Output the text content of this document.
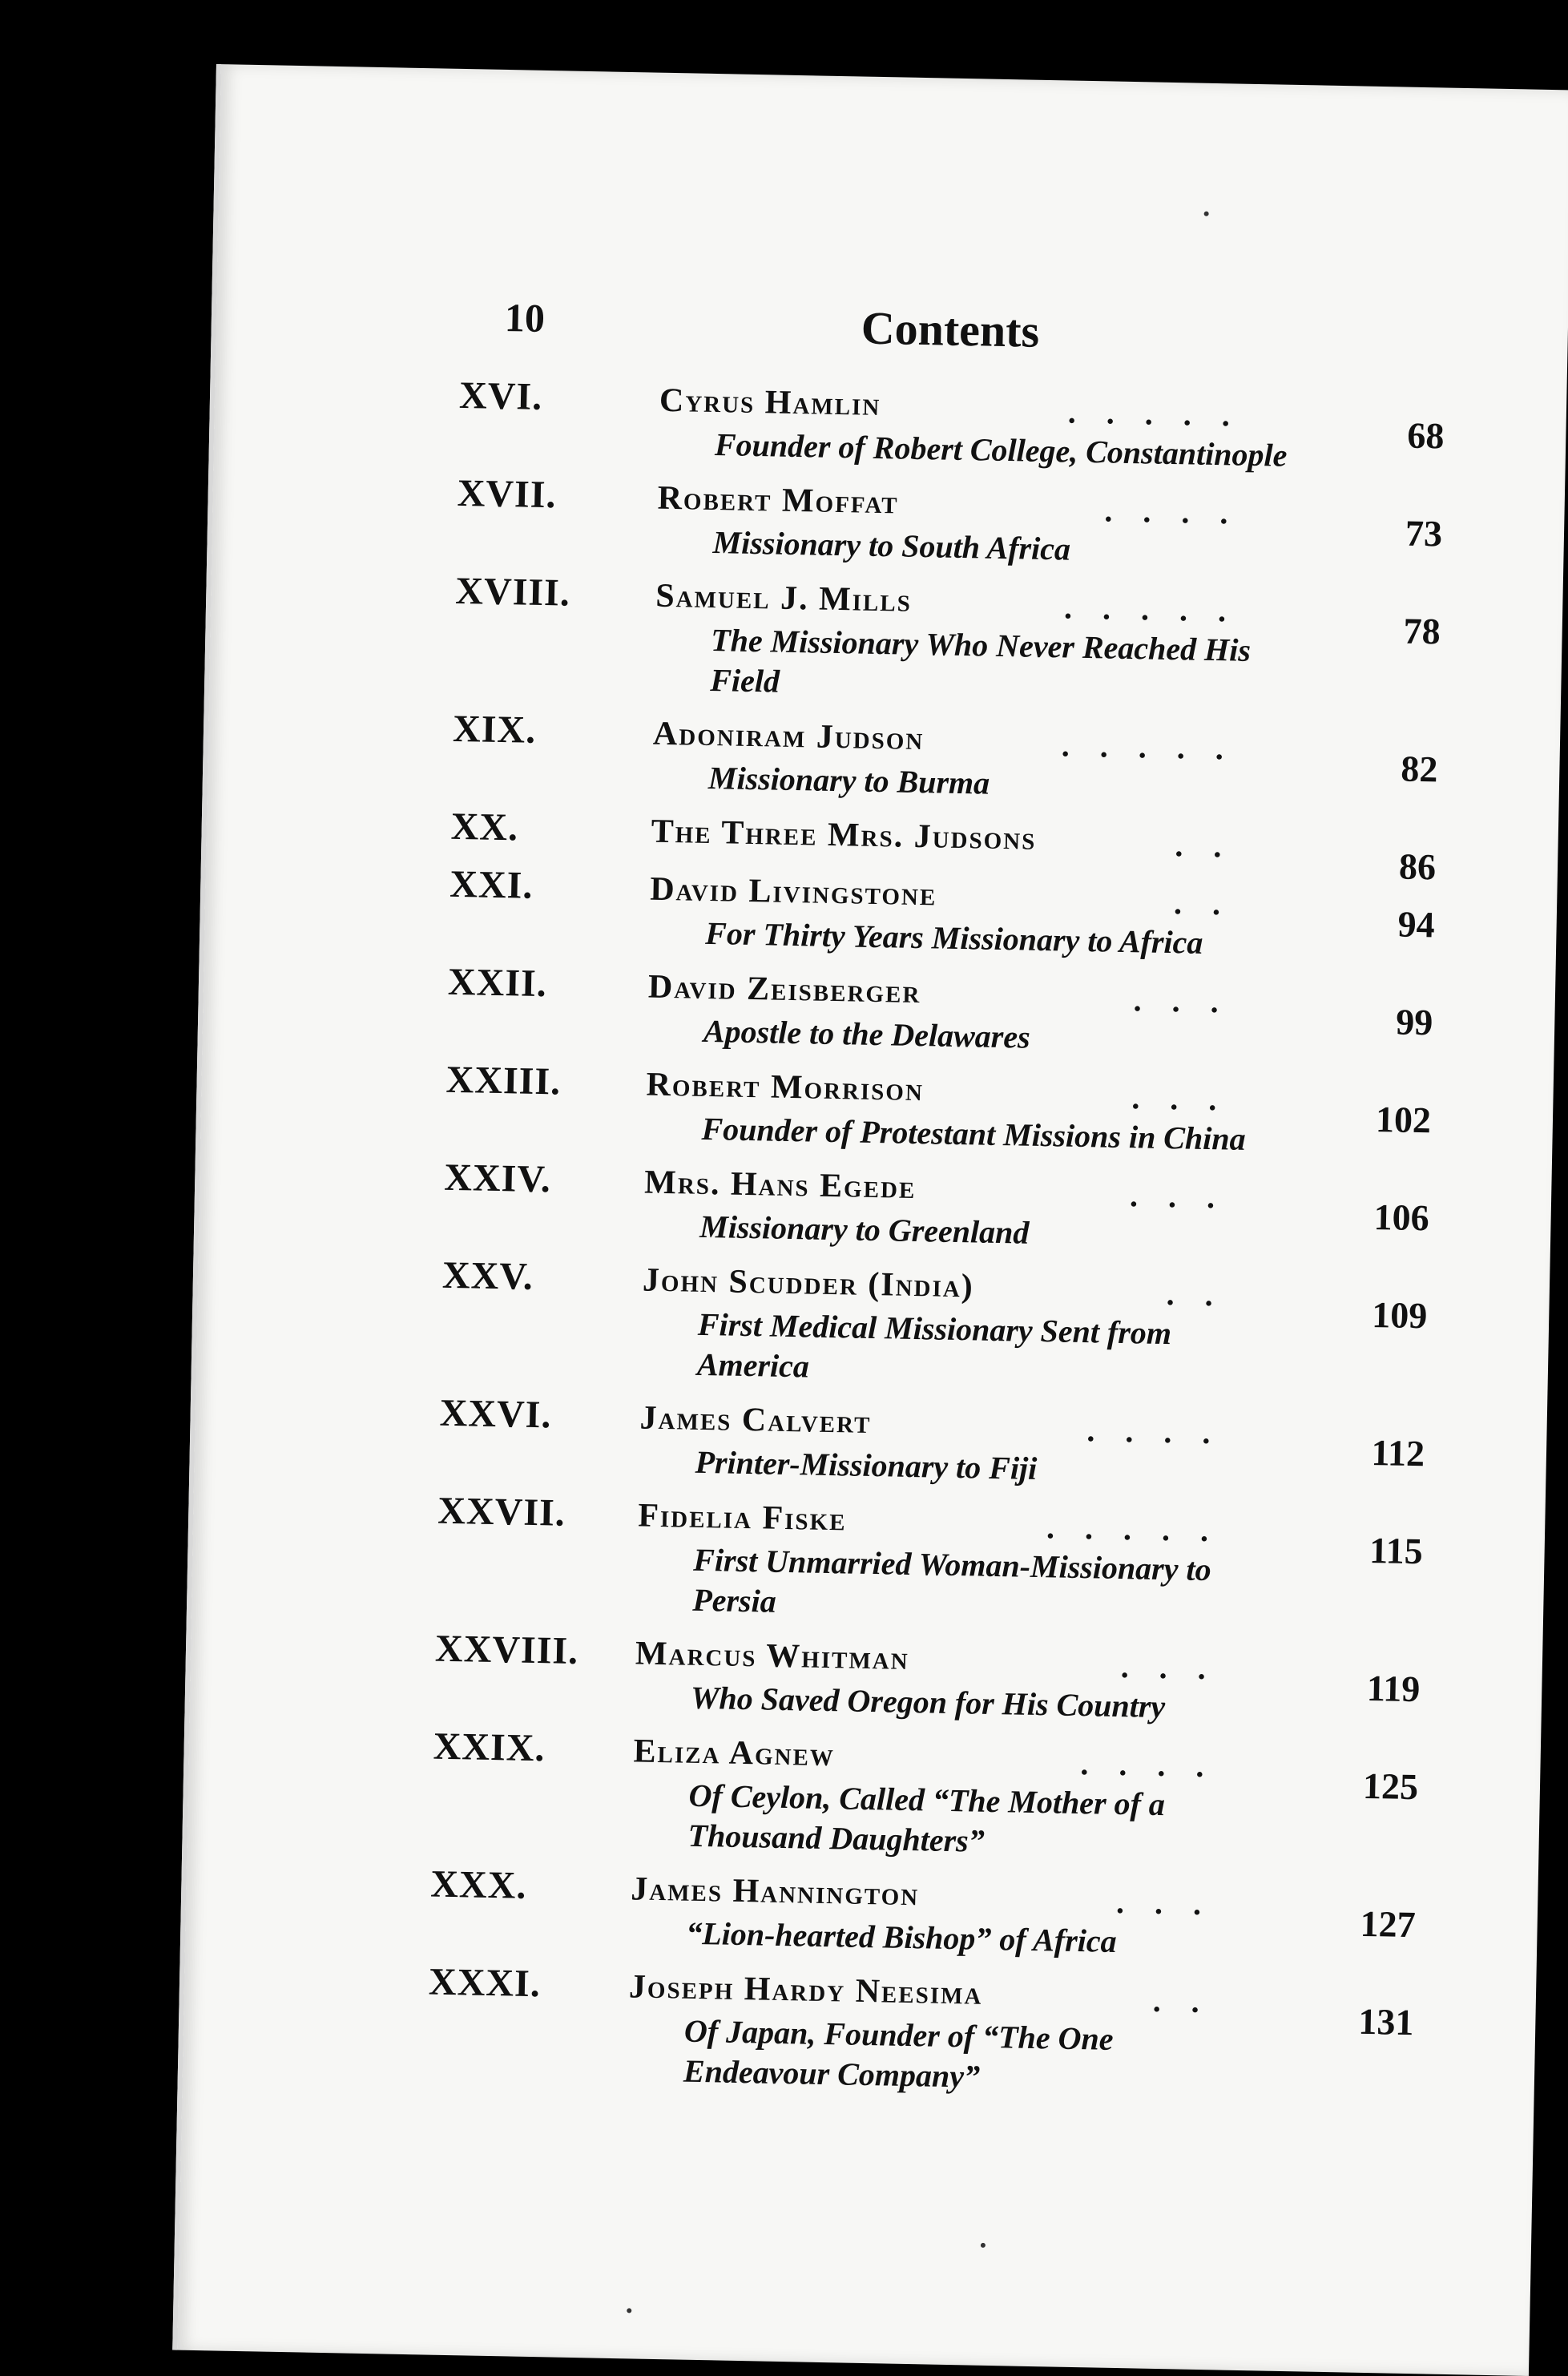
10	Contents
XVI.	Cyrus Hamlin	.....
Founder of Robert College, Constantinople	68
XVII.	Robert Moffat	....
Missionary to South Africa	73
XVIII.	Samuel J. Mills	.....
The Missionary Who Never Reached His Field
78
XIX.	Adoniram Judson	.....
Missionary to Burma	82
XX.	The Three Mrs. Judsons	..	86
XXI.	David Livingstone	..
For Thirty Years Missionary to Africa	94
XXII.	David Zeisberger	...
Apostle to the Delawares	99
XXIII.	Robert Morrison	...
Founder of Protestant Missions in China	102
XXIV.	Mrs. Hans Egede	...
Missionary to Greenland	106
XXV.	John Scudder (India)	..
First Medical Missionary Sent from America
109
XXVI.	James Calvert	....
Printer-Missionary to Fiji	112
XXVII. Fidelia Fiske	.....
First Unmarried Woman-Missionary to Persia
115
XXVIII. Marcus Whitman	...
Who Saved Oregon for His Country	119
XXIX.	Eliza Agnew	....
Of Ceylon, Called “The Mother of a Thousand Daughters”
125
XXX.	James Hannington	...
“Lion-hearted Bishop” of Africa	127
XXXI.	Joseph Hardy Neesima	..
Of Japan, Founder of “The One Endeavour Company”
131
